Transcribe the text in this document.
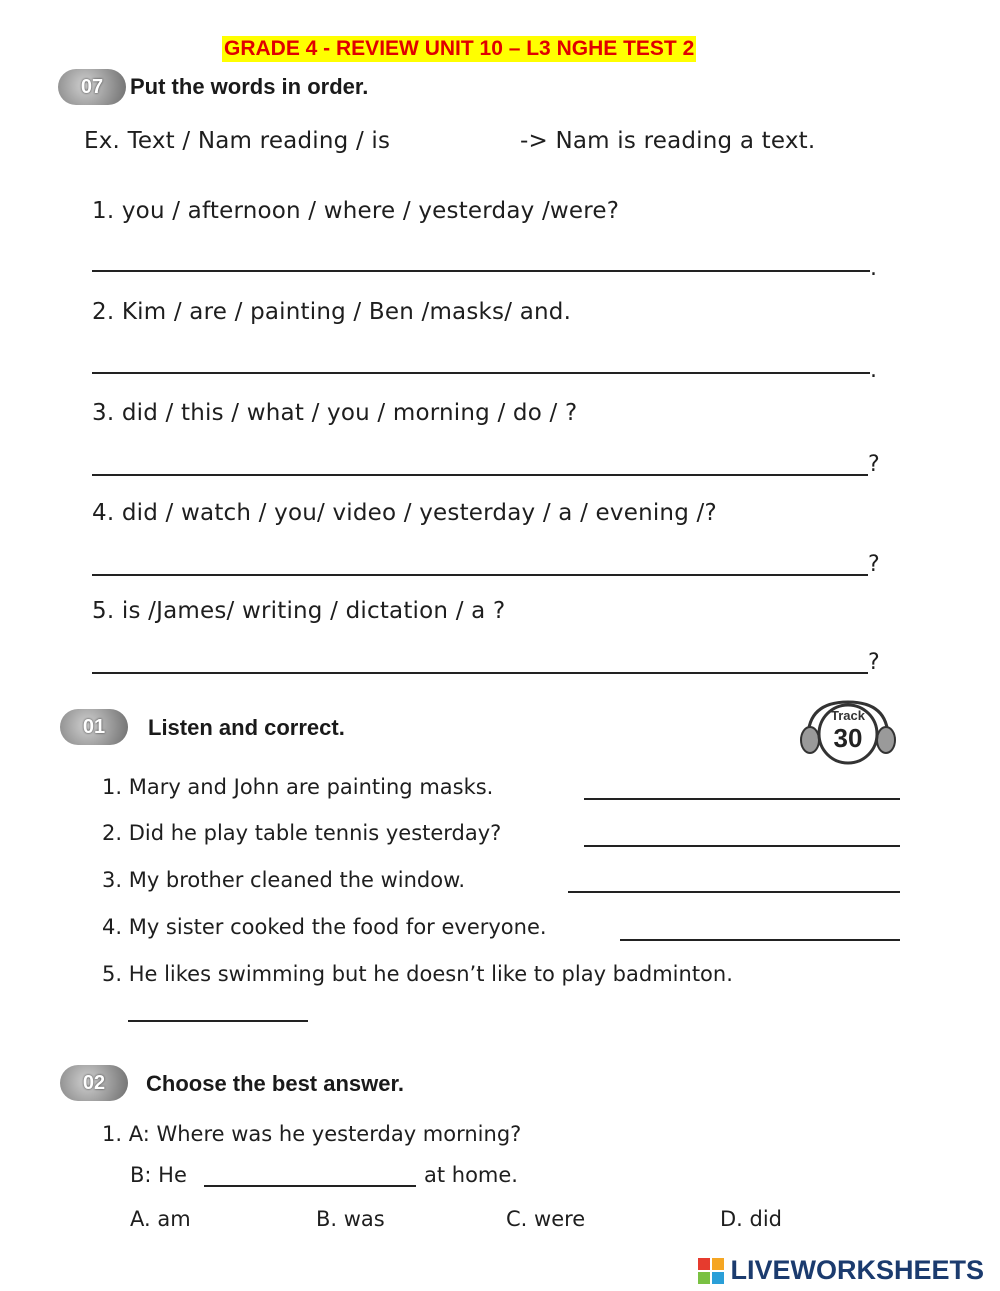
GRADE 4 - REVIEW UNIT 10 – L3 NGHE TEST 2
07	Put the words in order.
Ex. Text / Nam reading / is	-> Nam is reading a text.
1. you / afternoon / where / yesterday /were?
.
2. Kim / are / painting / Ben /masks/ and.
.
3. did / this / what / you / morning / do / ?
?
4. did / watch / you/ video / yesterday / a / evening /?
?
5. is /James/ writing / dictation / a ?
?
01	Listen and correct.	Track
30
1. Mary and John are painting masks.
2. Did he play table tennis yesterday?
3. My brother cleaned the window.
4. My sister cooked the food for everyone.
5. He likes swimming but he doesn’t like to play badminton.
02	Choose the best answer.
1. A: Where was he yesterday morning?
B: He	at home.
A. am	B. was	C. were	D. did
LIVEWORKSHEETS
